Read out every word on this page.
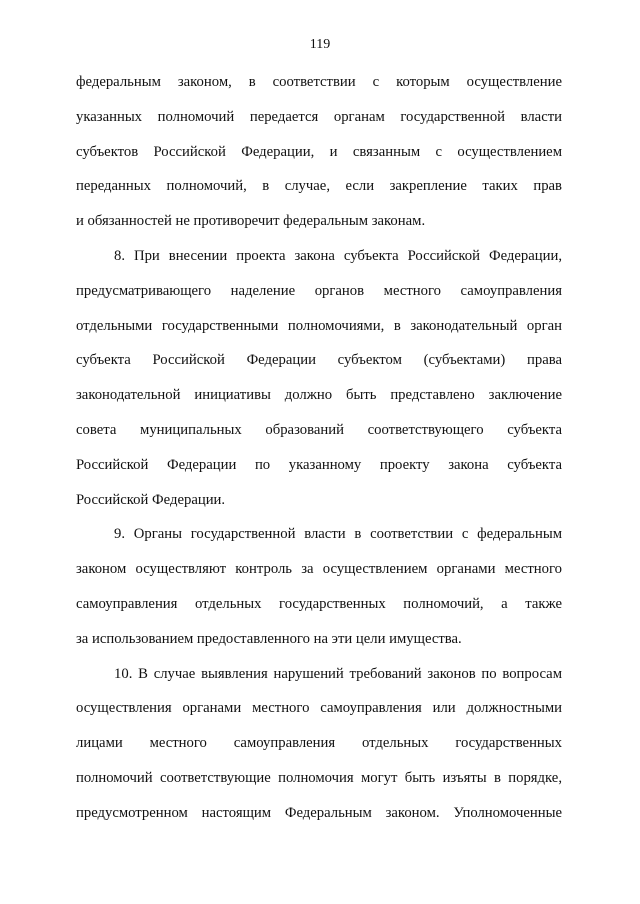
119
федеральным законом, в соответствии с которым осуществление
указанных полномочий передается органам государственной власти
субъектов Российской Федерации, и связанным с осуществлением
переданных полномочий, в случае, если закрепление таких прав
и обязанностей не противоречит федеральным законам.
8. При внесении проекта закона субъекта Российской Федерации,
предусматривающего наделение органов местного самоуправления
отдельными государственными полномочиями, в законодательный орган
субъекта Российской Федерации субъектом (субъектами) права
законодательной инициативы должно быть представлено заключение
совета муниципальных образований соответствующего субъекта
Российской Федерации по указанному проекту закона субъекта
Российской Федерации.
9. Органы государственной власти в соответствии с федеральным
законом осуществляют контроль за осуществлением органами местного
самоуправления отдельных государственных полномочий, а также
за использованием предоставленного на эти цели имущества.
10. В случае выявления нарушений требований законов по вопросам
осуществления органами местного самоуправления или должностными
лицами местного самоуправления отдельных государственных
полномочий соответствующие полномочия могут быть изъяты в порядке,
предусмотренном настоящим Федеральным законом. Уполномоченные
